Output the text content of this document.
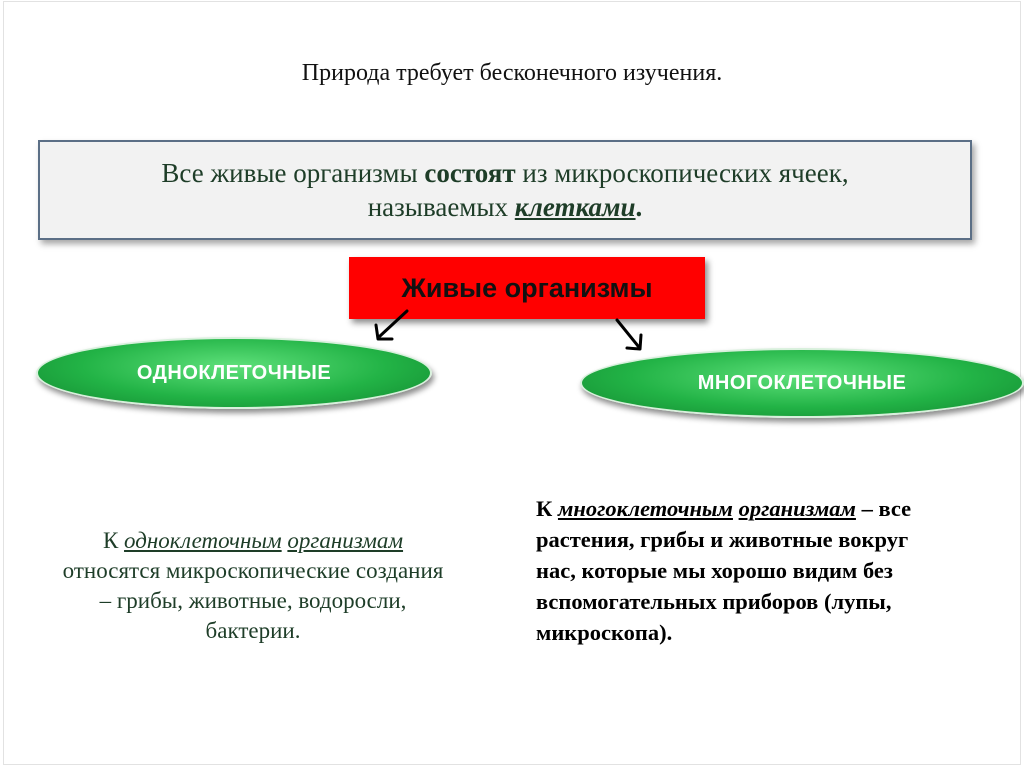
Природа требует бесконечного изучения.
Все живые организмы состоят из микроскопических ячеек,
называемых клетками.
Живые организмы
ОДНОКЛЕТОЧНЫЕ	МНОГОКЛЕТОЧНЫЕ
К одноклеточным организмам
относятся микроскопические создания
– грибы, животные, водоросли,
бактерии.
К многоклеточным организмам – все
растения, грибы и животные вокруг
нас, которые мы хорошо видим без
вспомогательных приборов (лупы,
микроскопа).
